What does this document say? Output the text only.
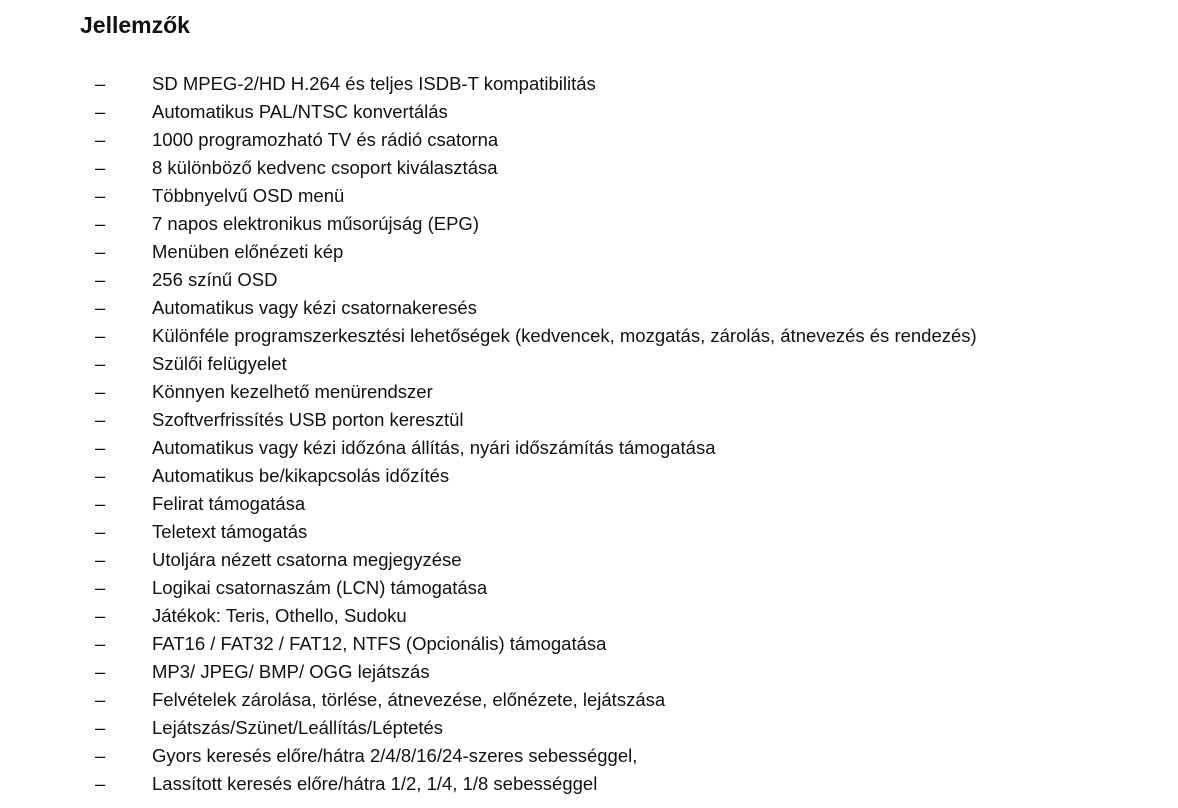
Jellemzők
–	SD MPEG-2/HD H.264 és teljes ISDB-T kompatibilitás
–	Automatikus PAL/NTSC konvertálás
–	1000 programozható TV és rádió csatorna
–	8 különböző kedvenc csoport kiválasztása
–	Többnyelvű OSD menü
–	7 napos elektronikus műsorújság (EPG)
–	Menüben előnézeti kép
–	256 színű OSD
–	Automatikus vagy kézi csatornakeresés
–	Különféle programszerkesztési lehetőségek (kedvencek, mozgatás, zárolás, átnevezés és rendezés)
–	Szülői felügyelet
–	Könnyen kezelhető menürendszer
–	Szoftverfrissítés USB porton keresztül
–	Automatikus vagy kézi időzóna állítás, nyári időszámítás támogatása
–	Automatikus be/kikapcsolás időzítés
–	Felirat támogatása
–	Teletext támogatás
–	Utoljára nézett csatorna megjegyzése
–	Logikai csatornaszám (LCN) támogatása
–	Játékok: Teris, Othello, Sudoku
–	FAT16 / FAT32 / FAT12, NTFS (Opcionális) támogatása
–	MP3/ JPEG/ BMP/ OGG lejátszás
–	Felvételek zárolása, törlése, átnevezése, előnézete, lejátszása
–	Lejátszás/Szünet/Leállítás/Léptetés
–	Gyors keresés előre/hátra 2/4/8/16/24-szeres sebességgel,
–	Lassított keresés előre/hátra 1/2, 1/4, 1/8 sebességgel
